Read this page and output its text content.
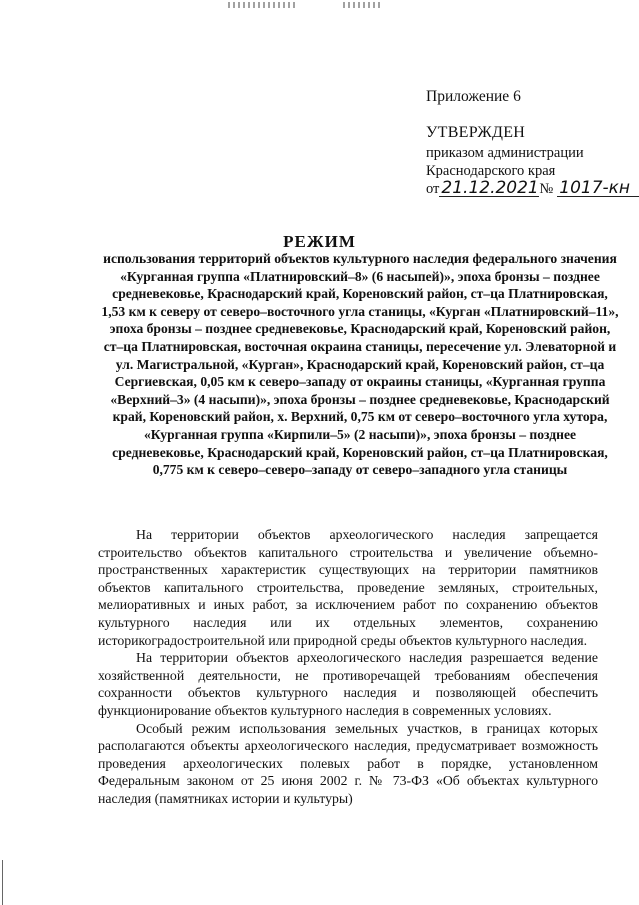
Приложение 6
УТВЕРЖДЕН
приказом администрации
Краснодарского края
от 21.12.2021 № 1017-кн
РЕЖИМ

использования территорий объектов культурного наследия федерального значения «Курганная группа «Платнировский–8» (6 насыпей)», эпоха бронзы – позднее средневековье, Краснодарский край, Кореновский район, ст–ца Платнировская, 1,53 км к северу от северо–восточного угла станицы, «Курган «Платнировский–11», эпоха бронзы – позднее средневековье, Краснодарский край, Кореновский район, ст–ца Платнировская, восточная окраина станицы, пересечение ул. Элеваторной и ул. Магистральной, «Курган», Краснодарский край, Кореновский район, ст–ца Сергиевская, 0,05 км к северо–западу от окраины станицы, «Курганная группа «Верхний–3» (4 насыпи)», эпоха бронзы – позднее средневековье, Краснодарский край, Кореновский район, х. Верхний, 0,75 км от северо–восточного угла хутора, «Курганная группа «Кирпили–5» (2 насыпи)», эпоха бронзы – позднее средневековье, Краснодарский край, Кореновский район, ст–ца Платнировская, 0,775 км к северо–северо–западу от северо–западного угла станицы

На территории объектов археологического наследия запрещается строительство объектов капитального строительства и увеличение объемно-пространственных характеристик существующих на территории памятников объектов капитального строительства, проведение земляных, строительных, мелиоративных и иных работ, за исключением работ по сохранению объектов культурного наследия или их отдельных элементов, сохранению историкоградостроительной или природной среды объектов культурного наследия.

На территории объектов археологического наследия разрешается ведение хозяйственной деятельности, не противоречащей требованиям обеспечения сохранности объектов культурного наследия и позволяющей обеспечить функционирование объектов культурного наследия в современных условиях.

Особый режим использования земельных участков, в границах которых располагаются объекты археологического наследия, предусматривает возможность проведения археологических полевых работ в порядке, установленном Федеральным законом от 25 июня 2002 г. № 73-ФЗ «Об объектах культурного наследия (памятниках истории и культуры)
